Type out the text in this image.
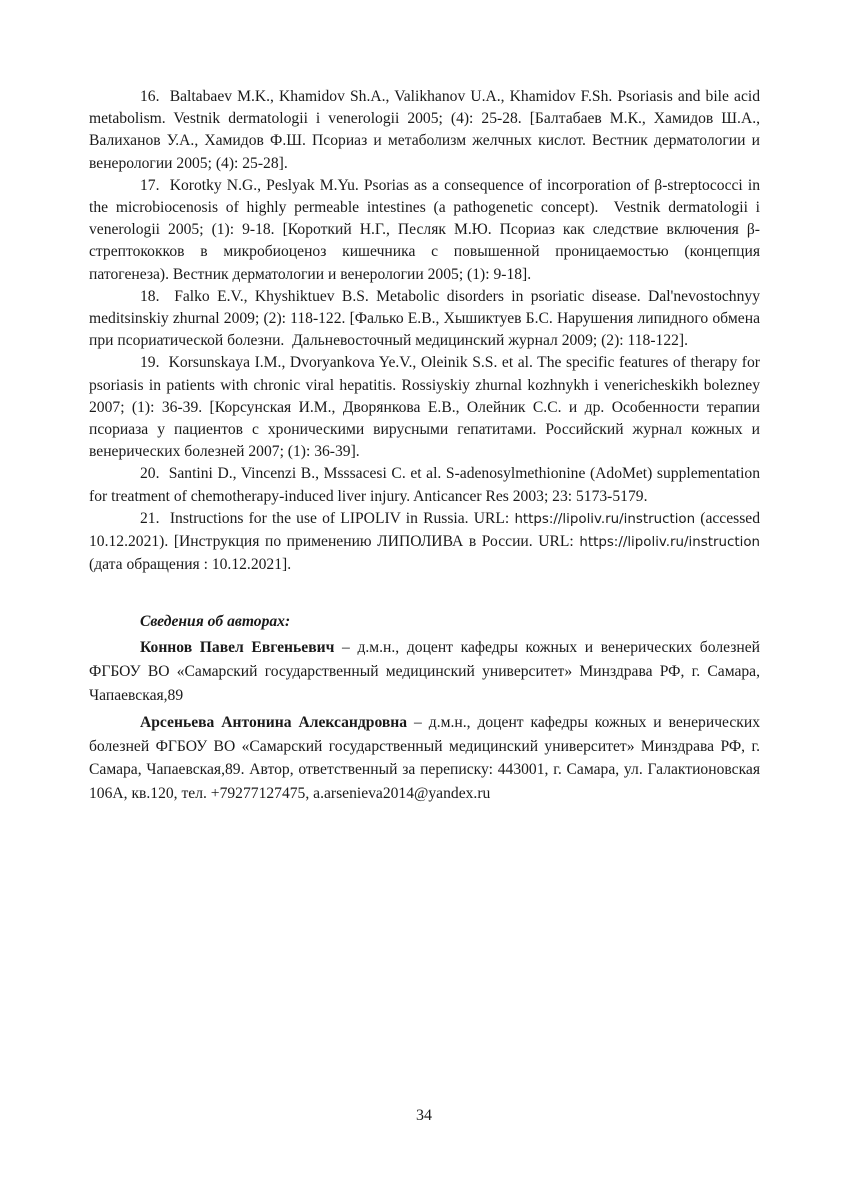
16.  Baltabaev M.K., Khamidov Sh.A., Valikhanov U.A., Khamidov F.Sh. Psoriasis and bile acid metabolism. Vestnik dermatologii i venerologii 2005; (4): 25-28. [Балтабаев М.К., Хамидов Ш.А., Валиханов У.А., Хамидов Ф.Ш. Псориаз и метаболизм желчных кислот. Вестник дерматологии и венерологии 2005; (4): 25-28].

17.  Korotky N.G., Peslyak M.Yu. Psorias as a consequence of incorporation of β-streptococci in the microbiocenosis of highly permeable intestines (a pathogenetic concept).  Vestnik dermatologii i venerologii 2005; (1): 9-18. [Короткий Н.Г., Песляк М.Ю. Псориаз как следствие включения β-стрептококков в микробиоценоз кишечника с повышенной проницаемостью (концепция патогенеза). Вестник дерматологии и венерологии 2005; (1): 9-18].

18.  Falko E.V., Khyshiktuev B.S. Metabolic disorders in psoriatic disease. Dal'nevostochnyy meditsinskiy zhurnal 2009; (2): 118-122. [Фалько Е.В., Хышиктуев Б.С. Нарушения липидного обмена при псориатической болезни.  Дальневосточный медицинский журнал 2009; (2): 118-122].

19.  Korsunskaya I.M., Dvoryankova Ye.V., Oleinik S.S. et al. The specific features of therapy for psoriasis in patients with chronic viral hepatitis. Rossiyskiy zhurnal kozhnykh i venericheskikh bolezney 2007; (1): 36-39. [Корсунская И.М., Дворянкова Е.В., Олейник С.С. и др. Особенности терапии псориаза у пациентов с хроническими вирусными гепатитами. Российский журнал кожных и венерических болезней 2007; (1): 36-39].

20.  Santini D., Vincenzi B., Msssacesi C. et al. S-adenosylmethionine (AdoMet) supplementation for treatment of chemotherapy-induced liver injury. Anticancer Res 2003; 23: 5173-5179.

21.  Instructions for the use of LIPOLIV in Russia. URL: https://lipoliv.ru/instruction (accessed 10.12.2021). [Инструкция по применению ЛИПОЛИВА в России. URL: https://lipoliv.ru/instruction (дата обращения : 10.12.2021].

Сведения об авторах:

Коннов Павел Евгеньевич – д.м.н., доцент кафедры кожных и венерических болезней ФГБОУ ВО «Самарский государственный медицинский университет» Минздрава РФ, г. Самара, Чапаевская,89

Арсеньева Антонина Александровна – д.м.н., доцент кафедры кожных и венерических болезней ФГБОУ ВО «Самарский государственный медицинский университет» Минздрава РФ, г. Самара, Чапаевская,89. Автор, ответственный за переписку: 443001, г. Самара, ул. Галактионовская 106А, кв.120, тел. +79277127475, a.arsenieva2014@yandex.ru

34
